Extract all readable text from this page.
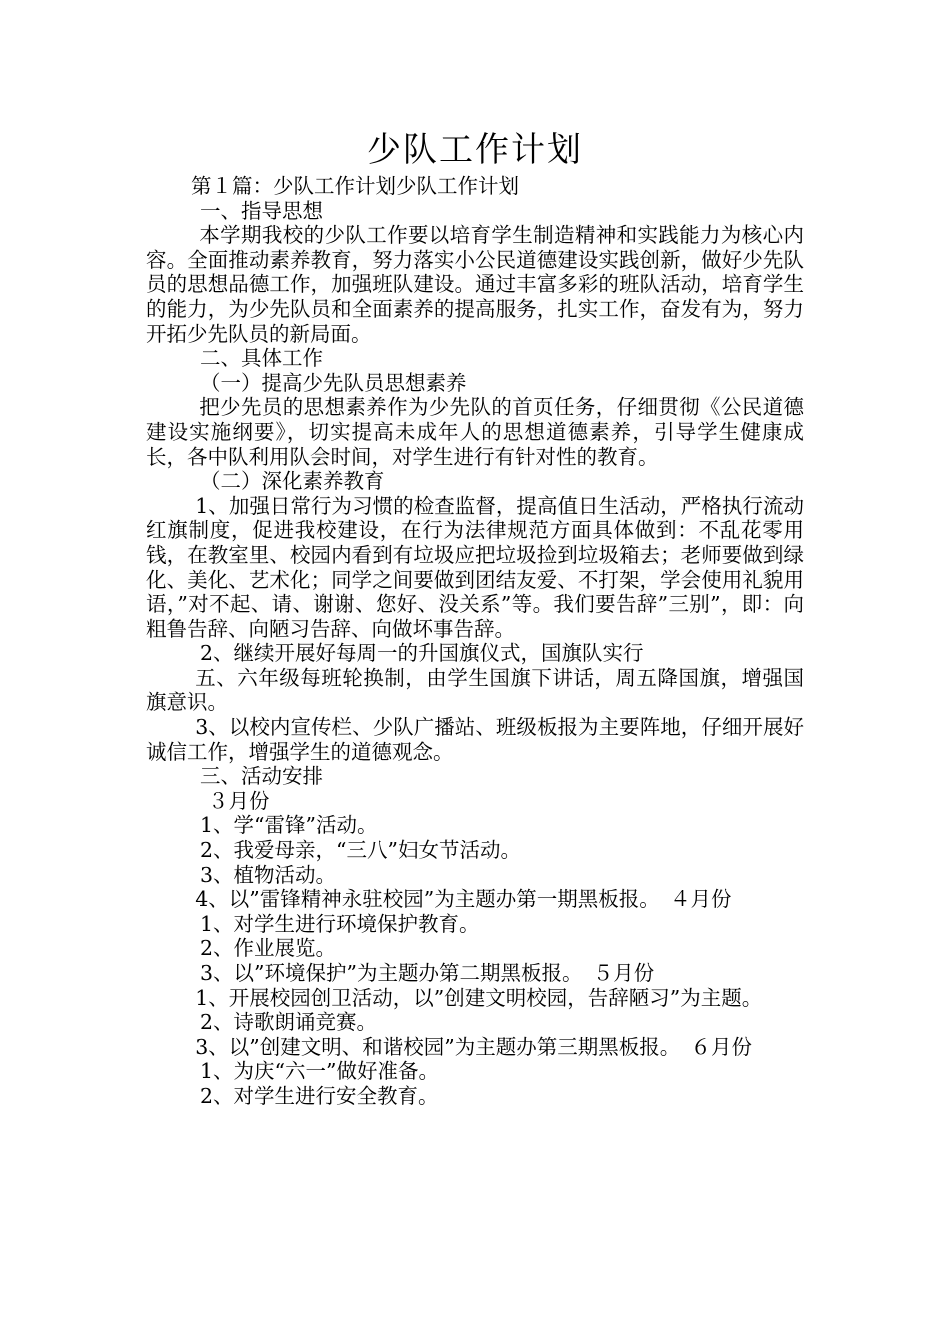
少队工作计划

第１篇：少队工作计划少队工作计划

一、指导思想

本学期我校的少队工作要以培育学生制造精神和实践能力为核心内容。全面推动素养教育，努力落实小公民道德建设实践创新，做好少先队员的思想品德工作，加强班队建设。通过丰富多彩的班队活动，培育学生的能力，为少先队员和全面素养的提高服务，扎实工作，奋发有为，努力开拓少先队员的新局面。

二、具体工作

（一）提高少先队员思想素养

把少先员的思想素养作为少先队的首页任务，仔细贯彻《公民道德建设实施纲要》，切实提高未成年人的思想道德素养，引导学生健康成长，各中队利用队会时间，对学生进行有针对性的教育。

（二）深化素养教育

1、加强日常行为习惯的检查监督，提高值日生活动，严格执行流动红旗制度，促进我校建设，在行为法律规范方面具体做到：不乱花零用钱，在教室里、校园内看到有垃圾应把垃圾捡到垃圾箱去；老师要做到绿化、美化、艺术化；同学之间要做到团结友爱、不打架，学会使用礼貌用语，”对不起、请、谢谢、您好、没关系”等。我们要告辞”三别”，即：向粗鲁告辞、向陋习告辞、向做坏事告辞。

2、继续开展好每周一的升国旗仪式，国旗队实行

五、六年级每班轮换制，由学生国旗下讲话，周五降国旗，增强国旗意识。

3、以校内宣传栏、少队广播站、班级板报为主要阵地，仔细开展好诚信工作，增强学生的道德观念。

三、活动安排

３月份

1、学“雷锋”活动。

2、我爱母亲，“三八”妇女节活动。

3、植物活动。

4、以”雷锋精神永驻校园”为主题办第一期黑板报。　４月份

1、对学生进行环境保护教育。

2、作业展览。

3、以”环境保护”为主题办第二期黑板报。　５月份

1、开展校园创卫活动，以”创建文明校园，告辞陋习”为主题。

2、诗歌朗诵竞赛。

3、以”创建文明、和谐校园”为主题办第三期黑板报。　６月份

1、为庆“六一”做好准备。

2、对学生进行安全教育。
